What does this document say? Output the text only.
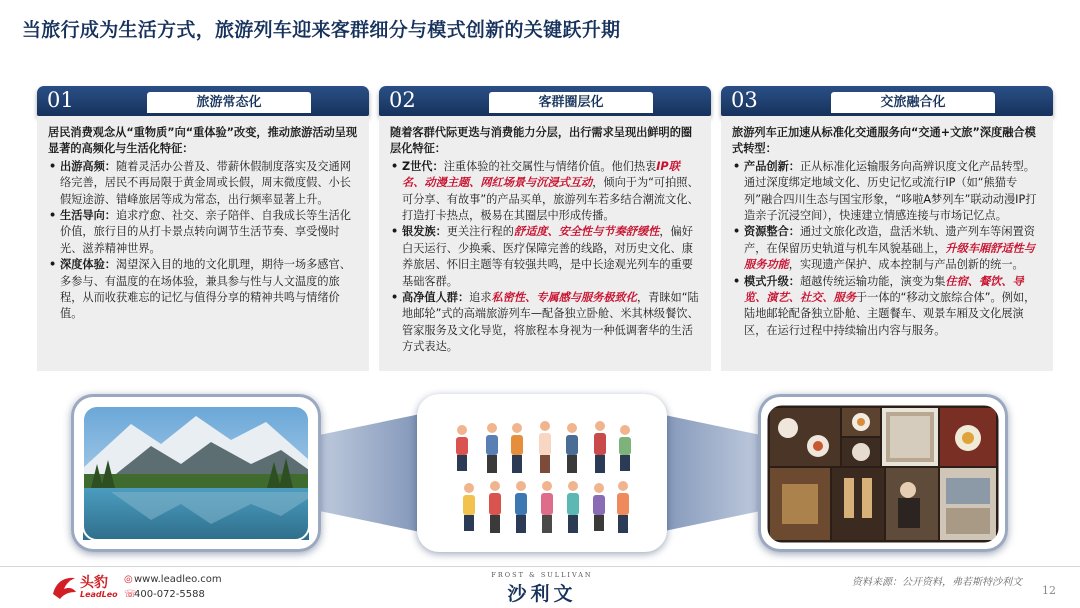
当旅行成为生活方式，旅游列车迎来客群细分与模式创新的关键跃升期
01	旅游常态化
居民消费观念从“重物质”向“重体验”改变，推动旅游活动呈现显著的高频化与生活化特征：
• 出游高频：随着灵活办公普及、带薪休假制度落实及交通网络完善，居民不再局限于黄金周或长假，周末微度假、小长假短途游、错峰旅居等成为常态，出行频率显著上升。
• 生活导向：追求疗愈、社交、亲子陪伴、自我成长等生活化价值，旅行目的从打卡景点转向调节生活节奏、享受慢时光、滋养精神世界。
• 深度体验：渴望深入目的地的文化肌理，期待一场多感官、多参与、有温度的在场体验，兼具参与性与人文温度的旅程，从而收获难忘的记忆与值得分享的精神共鸣与情绪价值。
02	客群圈层化
随着客群代际更迭与消费能力分层，出行需求呈现出鲜明的圈层化特征：
• Z世代：注重体验的社交属性与情绪价值。他们热衷IP联名、动漫主题、网红场景与沉浸式互动，倾向于为“可拍照、可分享、有故事”的产品买单，旅游列车若多结合潮流文化、打造打卡热点，极易在其圈层中形成传播。
• 银发族：更关注行程的舒适度、安全性与节奏舒缓性，偏好白天运行、少换乘、医疗保障完善的线路，对历史文化、康养旅居、怀旧主题等有较强共鸣，是中长途观光列车的重要基础客群。
• 高净值人群：追求私密性、专属感与服务极致化，青睐如“陆地邮轮”式的高端旅游列车—配备独立卧舱、米其林级餐饮、管家服务及文化导览，将旅程本身视为一种低调奢华的生活方式表达。
03	交旅融合化
旅游列车正加速从标准化交通服务向“交通+文旅”深度融合模式转型：
• 产品创新：正从标准化运输服务向高辨识度文化产品转型。通过深度绑定地域文化、历史记忆或流行IP（如“熊猫专列”融合四川生态与国宝形象，“哆啦A梦列车”联动动漫IP打造亲子沉浸空间），快速建立情感连接与市场记忆点。
• 资源整合：通过文旅化改造，盘活米轨、遗产列车等闲置资产，在保留历史轨道与机车风貌基础上，升级车厢舒适性与服务功能，实现遗产保护、成本控制与产品创新的统一。
• 模式升级：超越传统运输功能，演变为集住宿、餐饮、导览、演艺、社交、服务于一体的“移动文旅综合体”。例如，陆地邮轮配备独立卧舱、主题餐车、观景车厢及文化展演区，在运行过程中持续输出内容与服务。
头豹
LeadLeo
◎www.leadleo.com
☏400-072-5588
FROST & SULLIVAN
沙利文
资料来源：公开资料，弗若斯特沙利文
12
